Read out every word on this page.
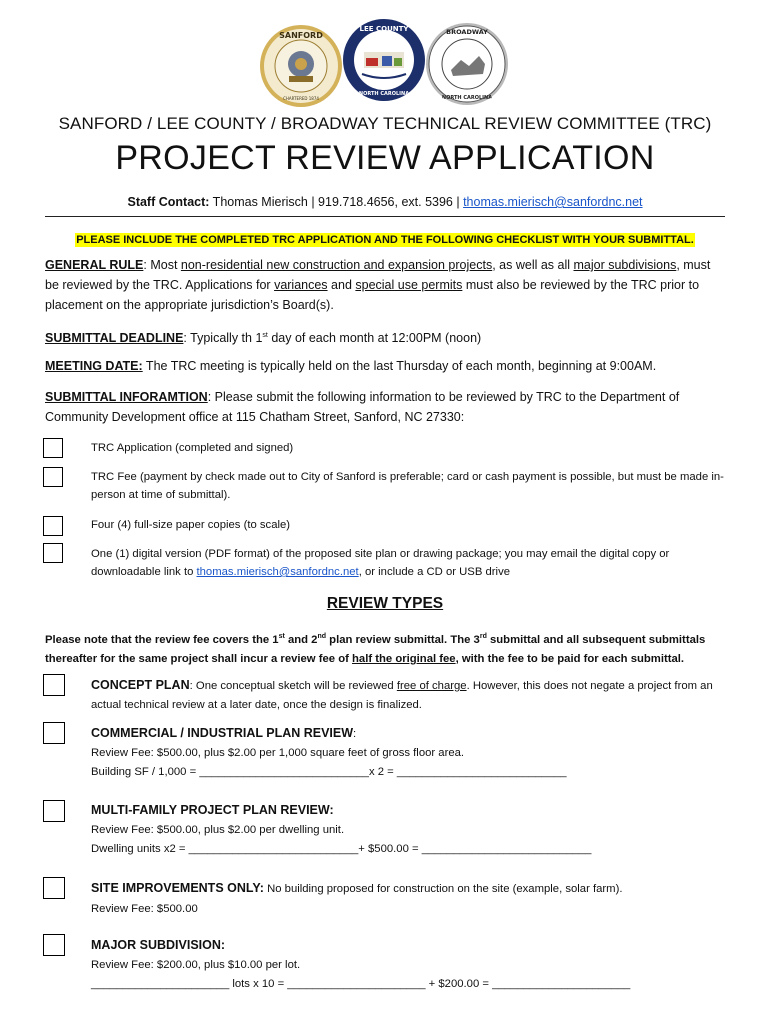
SANFORD
CHARTERED 1874
LEE COUNTY
NORTH CAROLINA
BROADWAY
NORTH CAROLINA
SANFORD / LEE COUNTY / BROADWAY TECHNICAL REVIEW COMMITTEE (TRC)
PROJECT REVIEW APPLICATION
Staff Contact: Thomas Mierisch | 919.718.4656, ext. 5396 | thomas.mierisch@sanfordnc.net
PLEASE INCLUDE THE COMPLETED TRC APPLICATION AND THE FOLLOWING CHECKLIST WITH YOUR SUBMITTAL.
GENERAL RULE: Most non-residential new construction and expansion projects, as well as all major subdivisions, must be reviewed by the TRC. Applications for variances and special use permits must also be reviewed by the TRC prior to placement on the appropriate jurisdiction’s Board(s).
SUBMITTAL DEADLINE: Typically th 1st day of each month at 12:00PM (noon)
MEETING DATE: The TRC meeting is typically held on the last Thursday of each month, beginning at 9:00AM.
SUBMITTAL INFORAMTION: Please submit the following information to be reviewed by TRC to the Department of Community Development office at 115 Chatham Street, Sanford, NC 27330:
TRC Application (completed and signed)
TRC Fee (payment by check made out to City of Sanford is preferable; card or cash payment is possible, but must be made in-person at time of submittal).
Four (4) full-size paper copies (to scale)
One (1) digital version (PDF format) of the proposed site plan or drawing package; you may email the digital copy or downloadable link to thomas.mierisch@sanfordnc.net, or include a CD or USB drive
REVIEW TYPES
Please note that the review fee covers the 1st and 2nd plan review submittal. The 3rd submittal and all subsequent submittals thereafter for the same project shall incur a review fee of half the original fee, with the fee to be paid for each submittal.
CONCEPT PLAN: One conceptual sketch will be reviewed free of charge. However, this does not negate a project from an actual technical review at a later date, once the design is finalized.
COMMERCIAL / INDUSTRIAL PLAN REVIEW:
Review Fee: $500.00, plus $2.00 per 1,000 square feet of gross floor area.
Building SF / 1,000 = ___________________________x 2 = ___________________________
MULTI-FAMILY PROJECT PLAN REVIEW:
Review Fee: $500.00, plus $2.00 per dwelling unit.
Dwelling units x2 = ___________________________+ $500.00 = ___________________________
SITE IMPROVEMENTS ONLY: No building proposed for construction on the site (example, solar farm).
Review Fee: $500.00
MAJOR SUBDIVISION:
Review Fee: $200.00, plus $10.00 per lot.
______________________ lots x 10 = ______________________ + $200.00 = ______________________
